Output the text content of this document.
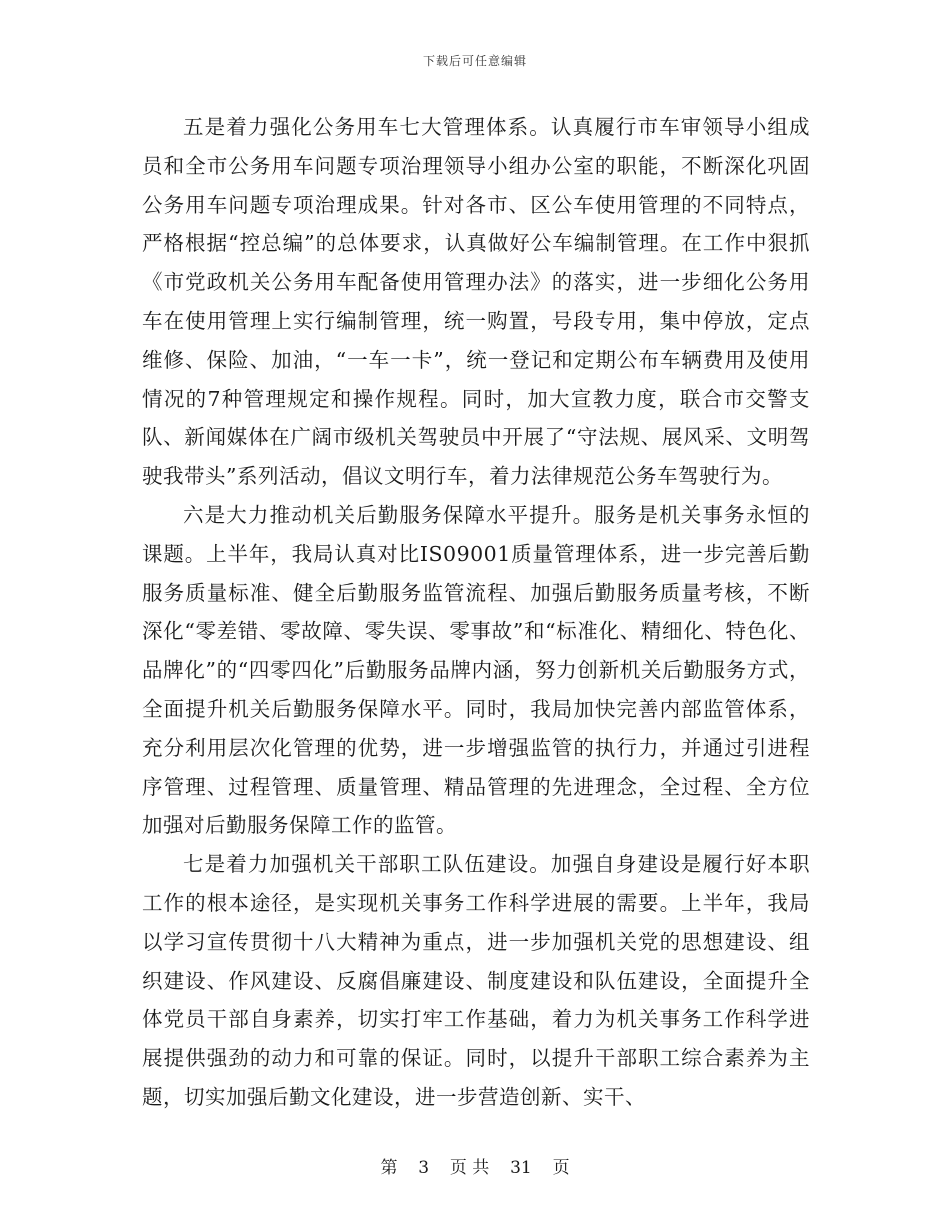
下载后可任意编辑

五是着力强化公务用车七大管理体系。认真履行市车审领导小组成员和全市公务用车问题专项治理领导小组办公室的职能，不断深化巩固公务用车问题专项治理成果。针对各市、区公车使用管理的不同特点，严格根据“控总编”的总体要求，认真做好公车编制管理。在工作中狠抓《市党政机关公务用车配备使用管理办法》的落实，进一步细化公务用车在使用管理上实行编制管理，统一购置，号段专用，集中停放，定点维修、保险、加油，“一车一卡”，统一登记和定期公布车辆费用及使用情况的7种管理规定和操作规程。同时，加大宣教力度，联合市交警支队、新闻媒体在广阔市级机关驾驶员中开展了“守法规、展风采、文明驾驶我带头”系列活动，倡议文明行车，着力法律规范公务车驾驶行为。

六是大力推动机关后勤服务保障水平提升。服务是机关事务永恒的课题。上半年，我局认真对比IS09001质量管理体系，进一步完善后勤服务质量标准、健全后勤服务监管流程、加强后勤服务质量考核，不断深化“零差错、零故障、零失误、零事故”和“标准化、精细化、特色化、品牌化”的“四零四化”后勤服务品牌内涵，努力创新机关后勤服务方式，全面提升机关后勤服务保障水平。同时，我局加快完善内部监管体系，充分利用层次化管理的优势，进一步增强监管的执行力，并通过引进程序管理、过程管理、质量管理、精品管理的先进理念，全过程、全方位加强对后勤服务保障工作的监管。

七是着力加强机关干部职工队伍建设。加强自身建设是履行好本职工作的根本途径，是实现机关事务工作科学进展的需要。上半年，我局以学习宣传贯彻十八大精神为重点，进一步加强机关党的思想建设、组织建设、作风建设、反腐倡廉建设、制度建设和队伍建设，全面提升全体党员干部自身素养，切实打牢工作基础，着力为机关事务工作科学进展提供强劲的动力和可靠的保证。同时，以提升干部职工综合素养为主题，切实加强后勤文化建设，进一步营造创新、实干、

第 3 页 共 31 页
